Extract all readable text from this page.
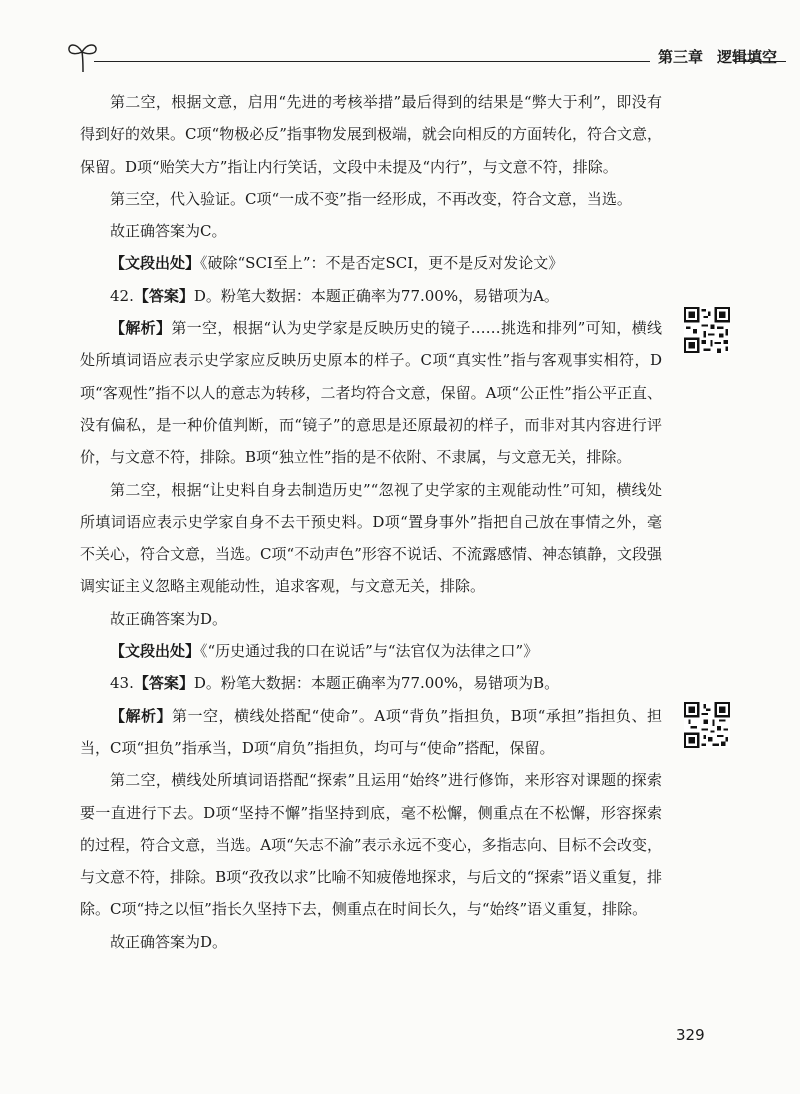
第三章 逻辑填空

第二空，根据文意，启用“先进的考核举措”最后得到的结果是“弊大于利”，即没有得到好的效果。C项“物极必反”指事物发展到极端，就会向相反的方面转化，符合文意，保留。D项“贻笑大方”指让内行笑话，文段中未提及“内行”，与文意不符，排除。

第三空，代入验证。C项“一成不变”指一经形成，不再改变，符合文意，当选。

故正确答案为C。

【文段出处】《破除“SCI至上”：不是否定SCI，更不是反对发论文》

42.【答案】D。粉笔大数据：本题正确率为77.00%，易错项为A。

【解析】第一空，根据“认为史学家是反映历史的镜子……挑选和排列”可知，横线处所填词语应表示史学家应反映历史原本的样子。C项“真实性”指与客观事实相符，D项“客观性”指不以人的意志为转移，二者均符合文意，保留。A项“公正性”指公平正直、没有偏私，是一种价值判断，而“镜子”的意思是还原最初的样子，而非对其内容进行评价，与文意不符，排除。B项“独立性”指的是不依附、不隶属，与文意无关，排除。

第二空，根据“让史料自身去制造历史”“忽视了史学家的主观能动性”可知，横线处所填词语应表示史学家自身不去干预史料。D项“置身事外”指把自己放在事情之外，毫不关心，符合文意，当选。C项“不动声色”形容不说话、不流露感情、神态镇静，文段强调实证主义忽略主观能动性，追求客观，与文意无关，排除。

故正确答案为D。

【文段出处】《“历史通过我的口在说话”与“法官仅为法律之口”》

43.【答案】D。粉笔大数据：本题正确率为77.00%，易错项为B。

【解析】第一空，横线处搭配“使命”。A项“背负”指担负，B项“承担”指担负、担当，C项“担负”指承当，D项“肩负”指担负，均可与“使命”搭配，保留。

第二空，横线处所填词语搭配“探索”且运用“始终”进行修饰，来形容对课题的探索要一直进行下去。D项“坚持不懈”指坚持到底，毫不松懈，侧重点在不松懈，形容探索的过程，符合文意，当选。A项“矢志不渝”表示永远不变心，多指志向、目标不会改变，与文意不符，排除。B项“孜孜以求”比喻不知疲倦地探求，与后文的“探索”语义重复，排除。C项“持之以恒”指长久坚持下去，侧重点在时间长久，与“始终”语义重复，排除。

故正确答案为D。

329
